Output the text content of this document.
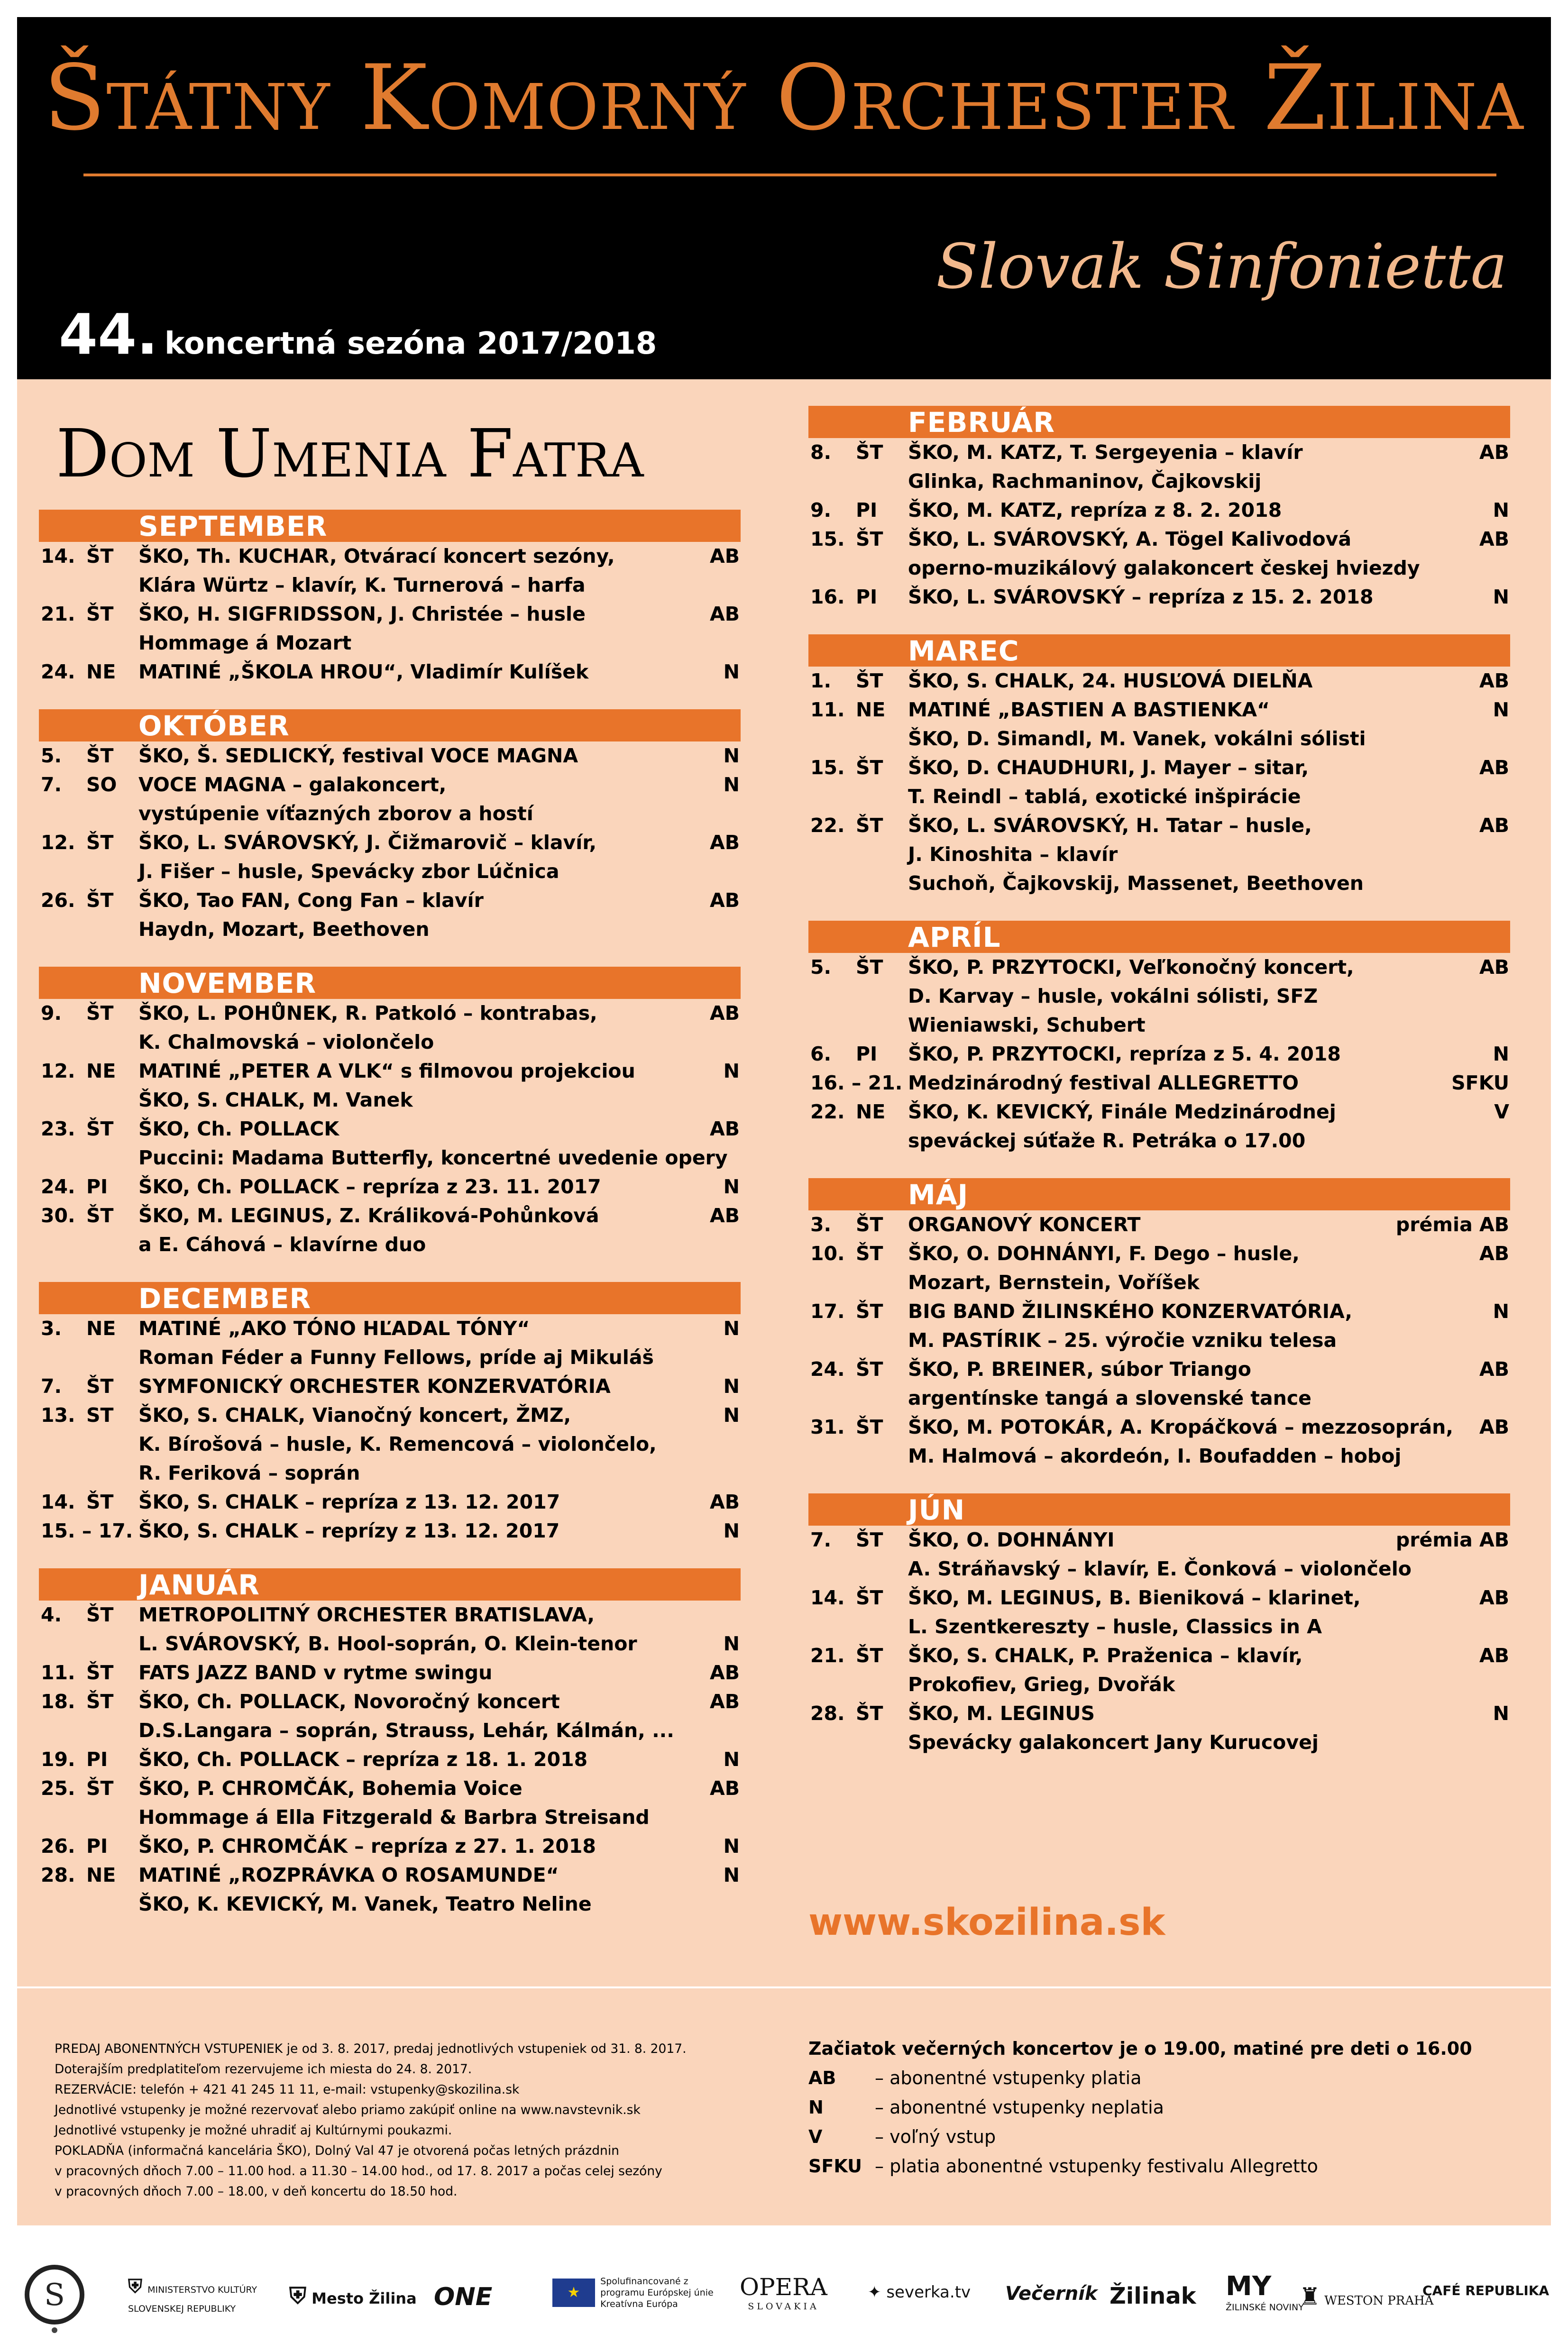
Štátny Komorný Orchester Žilina
Slovak Sinfonietta
44. koncertná sezóna 2017/2018
Dom Umenia Fatra
SEPTEMBER
14. ŠT ŠKO, Th. KUCHAR, Otvárací koncert sezóny,	AB
Klára Würtz – klavír, K. Turnerová – harfa
21. ŠT ŠKO, H. SIGFRIDSSON, J. Christée – husle	AB
Hommage á Mozart
24. NE MATINÉ „ŠKOLA HROU“, Vladimír Kulíšek	N
OKTÓBER
5. ŠT ŠKO, Š. SEDLICKÝ, festival VOCE MAGNA	N
7. SO VOCE MAGNA – galakoncert,	N
vystúpenie víťazných zborov a hostí
12. ŠT ŠKO, L. SVÁROVSKÝ, J. Čižmarovič – klavír,	AB
J. Fišer – husle, Spevácky zbor Lúčnica
26. ŠT ŠKO, Tao FAN, Cong Fan – klavír	AB
Haydn, Mozart, Beethoven
NOVEMBER
9. ŠT ŠKO, L. POHŮNEK, R. Patkoló – kontrabas,	AB
K. Chalmovská – violončelo
12. NE MATINÉ „PETER A VLK“ s filmovou projekciou	N
ŠKO, S. CHALK, M. Vanek
23. ŠT ŠKO, Ch. POLLACK	AB
Puccini: Madama Butterfly, koncertné uvedenie opery
24. PI ŠKO, Ch. POLLACK – repríza z 23. 11. 2017	N
30. ŠT ŠKO, M. LEGINUS, Z. Králiková-Pohůnková	AB
a E. Cáhová – klavírne duo
DECEMBER
3. NE MATINÉ „AKO TÓNO HĽADAL TÓNY“	N
Roman Féder a Funny Fellows, príde aj Mikuláš
7. ŠT SYMFONICKÝ ORCHESTER KONZERVATÓRIA	N
13. ST ŠKO, S. CHALK, Vianočný koncert, ŽMZ,	N
K. Bírošová – husle, K. Remencová – violončelo,
R. Feriková – soprán
14. ŠT ŠKO, S. CHALK – repríza z 13. 12. 2017	AB
15. – 17. ŠKO, S. CHALK – reprízy z 13. 12. 2017	N
JANUÁR
4. ŠT METROPOLITNÝ ORCHESTER BRATISLAVA,
L. SVÁROVSKÝ, B. Hool-soprán, O. Klein-tenor	N
11. ŠT FATS JAZZ BAND v rytme swingu	AB
18. ŠT ŠKO, Ch. POLLACK, Novoročný koncert	AB
D.S.Langara – soprán, Strauss, Lehár, Kálmán, ...
19. PI ŠKO, Ch. POLLACK – repríza z 18. 1. 2018	N
25. ŠT ŠKO, P. CHROMČÁK, Bohemia Voice	AB
Hommage á Ella Fitzgerald & Barbra Streisand
26. PI ŠKO, P. CHROMČÁK – repríza z 27. 1. 2018	N
28. NE MATINÉ „ROZPRÁVKA O ROSAMUNDE“	N
ŠKO, K. KEVICKÝ, M. Vanek, Teatro Neline
FEBRUÁR
8. ŠT ŠKO, M. KATZ, T. Sergeyenia – klavír	AB
Glinka, Rachmaninov, Čajkovskij
9. PI ŠKO, M. KATZ, repríza z 8. 2. 2018	N
15. ŠT ŠKO, L. SVÁROVSKÝ, A. Tögel Kalivodová	AB
operno-muzikálový galakoncert českej hviezdy
16. PI ŠKO, L. SVÁROVSKÝ – repríza z 15. 2. 2018	N
MAREC
1. ŠT ŠKO, S. CHALK, 24. HUSĽOVÁ DIELŇA	AB
11. NE MATINÉ „BASTIEN A BASTIENKA“	N
ŠKO, D. Simandl, M. Vanek, vokálni sólisti
15. ŠT ŠKO, D. CHAUDHURI, J. Mayer – sitar,	AB
T. Reindl – tablá, exotické inšpirácie
22. ŠT ŠKO, L. SVÁROVSKÝ, H. Tatar – husle,	AB
J. Kinoshita – klavír
Suchoň, Čajkovskij, Massenet, Beethoven
APRÍL
5. ŠT ŠKO, P. PRZYTOCKI, Veľkonočný koncert,	AB
D. Karvay – husle, vokálni sólisti, SFZ
Wieniawski, Schubert
6. PI ŠKO, P. PRZYTOCKI, repríza z 5. 4. 2018	N
16. – 21. Medzinárodný festival ALLEGRETTO	SFKU
22. NE ŠKO, K. KEVICKÝ, Finále Medzinárodnej	V
speváckej súťaže R. Petráka o 17.00
MÁJ
3. ŠT ORGANOVÝ KONCERT	prémia AB
10. ŠT ŠKO, O. DOHNÁNYI, F. Dego – husle,	AB
Mozart, Bernstein, Voříšek
17. ŠT BIG BAND ŽILINSKÉHO KONZERVATÓRIA,	N
M. PASTÍRIK – 25. výročie vzniku telesa
24. ŠT ŠKO, P. BREINER, súbor Triango	AB
argentínske tangá a slovenské tance
31. ŠT ŠKO, M. POTOKÁR, A. Kropáčková – mezzosoprán, AB
M. Halmová – akordeón, I. Boufadden – hoboj
JÚN
7. ŠT ŠKO, O. DOHNÁNYI	prémia AB
A. Stráňavský – klavír, E. Čonková – violončelo
14. ŠT ŠKO, M. LEGINUS, B. Bieniková – klarinet,	AB
L. Szentkereszty – husle, Classics in A
21. ŠT ŠKO, S. CHALK, P. Praženica – klavír,	AB
Prokofiev, Grieg, Dvořák
28. ŠT ŠKO, M. LEGINUS	N
Spevácky galakoncert Jany Kurucovej
www.skozilina.sk

PREDAJ ABONENTNÝCH VSTUPENIEK je od 3. 8. 2017, predaj jednotlivých vstupeniek od 31. 8. 2017.

Doterajším predplatiteľom rezervujeme ich miesta do 24. 8. 2017.

REZERVÁCIE: telefón + 421 41 245 11 11, e-mail: vstupenky@skozilina.sk

Jednotlivé vstupenky je možné rezervovať alebo priamo zakúpiť online na www.navstevnik.sk

Jednotlivé vstupenky je možné uhradiť aj Kultúrnymi poukazmi.

POKLADŇA (informačná kancelária ŠKO), Dolný Val 47 je otvorená počas letných prázdnin

v pracovných dňoch 7.00 – 11.00 hod. a 11.30 – 14.00 hod., od 17. 8. 2017 a počas celej sezóny

v pracovných dňoch 7.00 – 18.00, v deň koncertu do 18.50 hod.

Začiatok večerných koncertov je o 19.00, matiné pre deti o 16.00

AB – abonentné vstupenky platia

N	– abonentné vstupenky neplatia

V	– voľný vstup

SFKU – platia abonentné vstupenky festivalu Allegretto

S	⛨ MINISTERSTVO KULTÚRY SLOVENSKEJ REPUBLIKY	⛨ Mesto Žilina ONE	★ Spolufinancované z programu Európskej únie Kreatívna Európa
OPERA
SLOVAKIA
✦ severka.tv Večerník Žilinak MY
ŽILINSKÉ NOVINY
♜ WESTON PRAHA
CAFÉ REPUBLIKA
